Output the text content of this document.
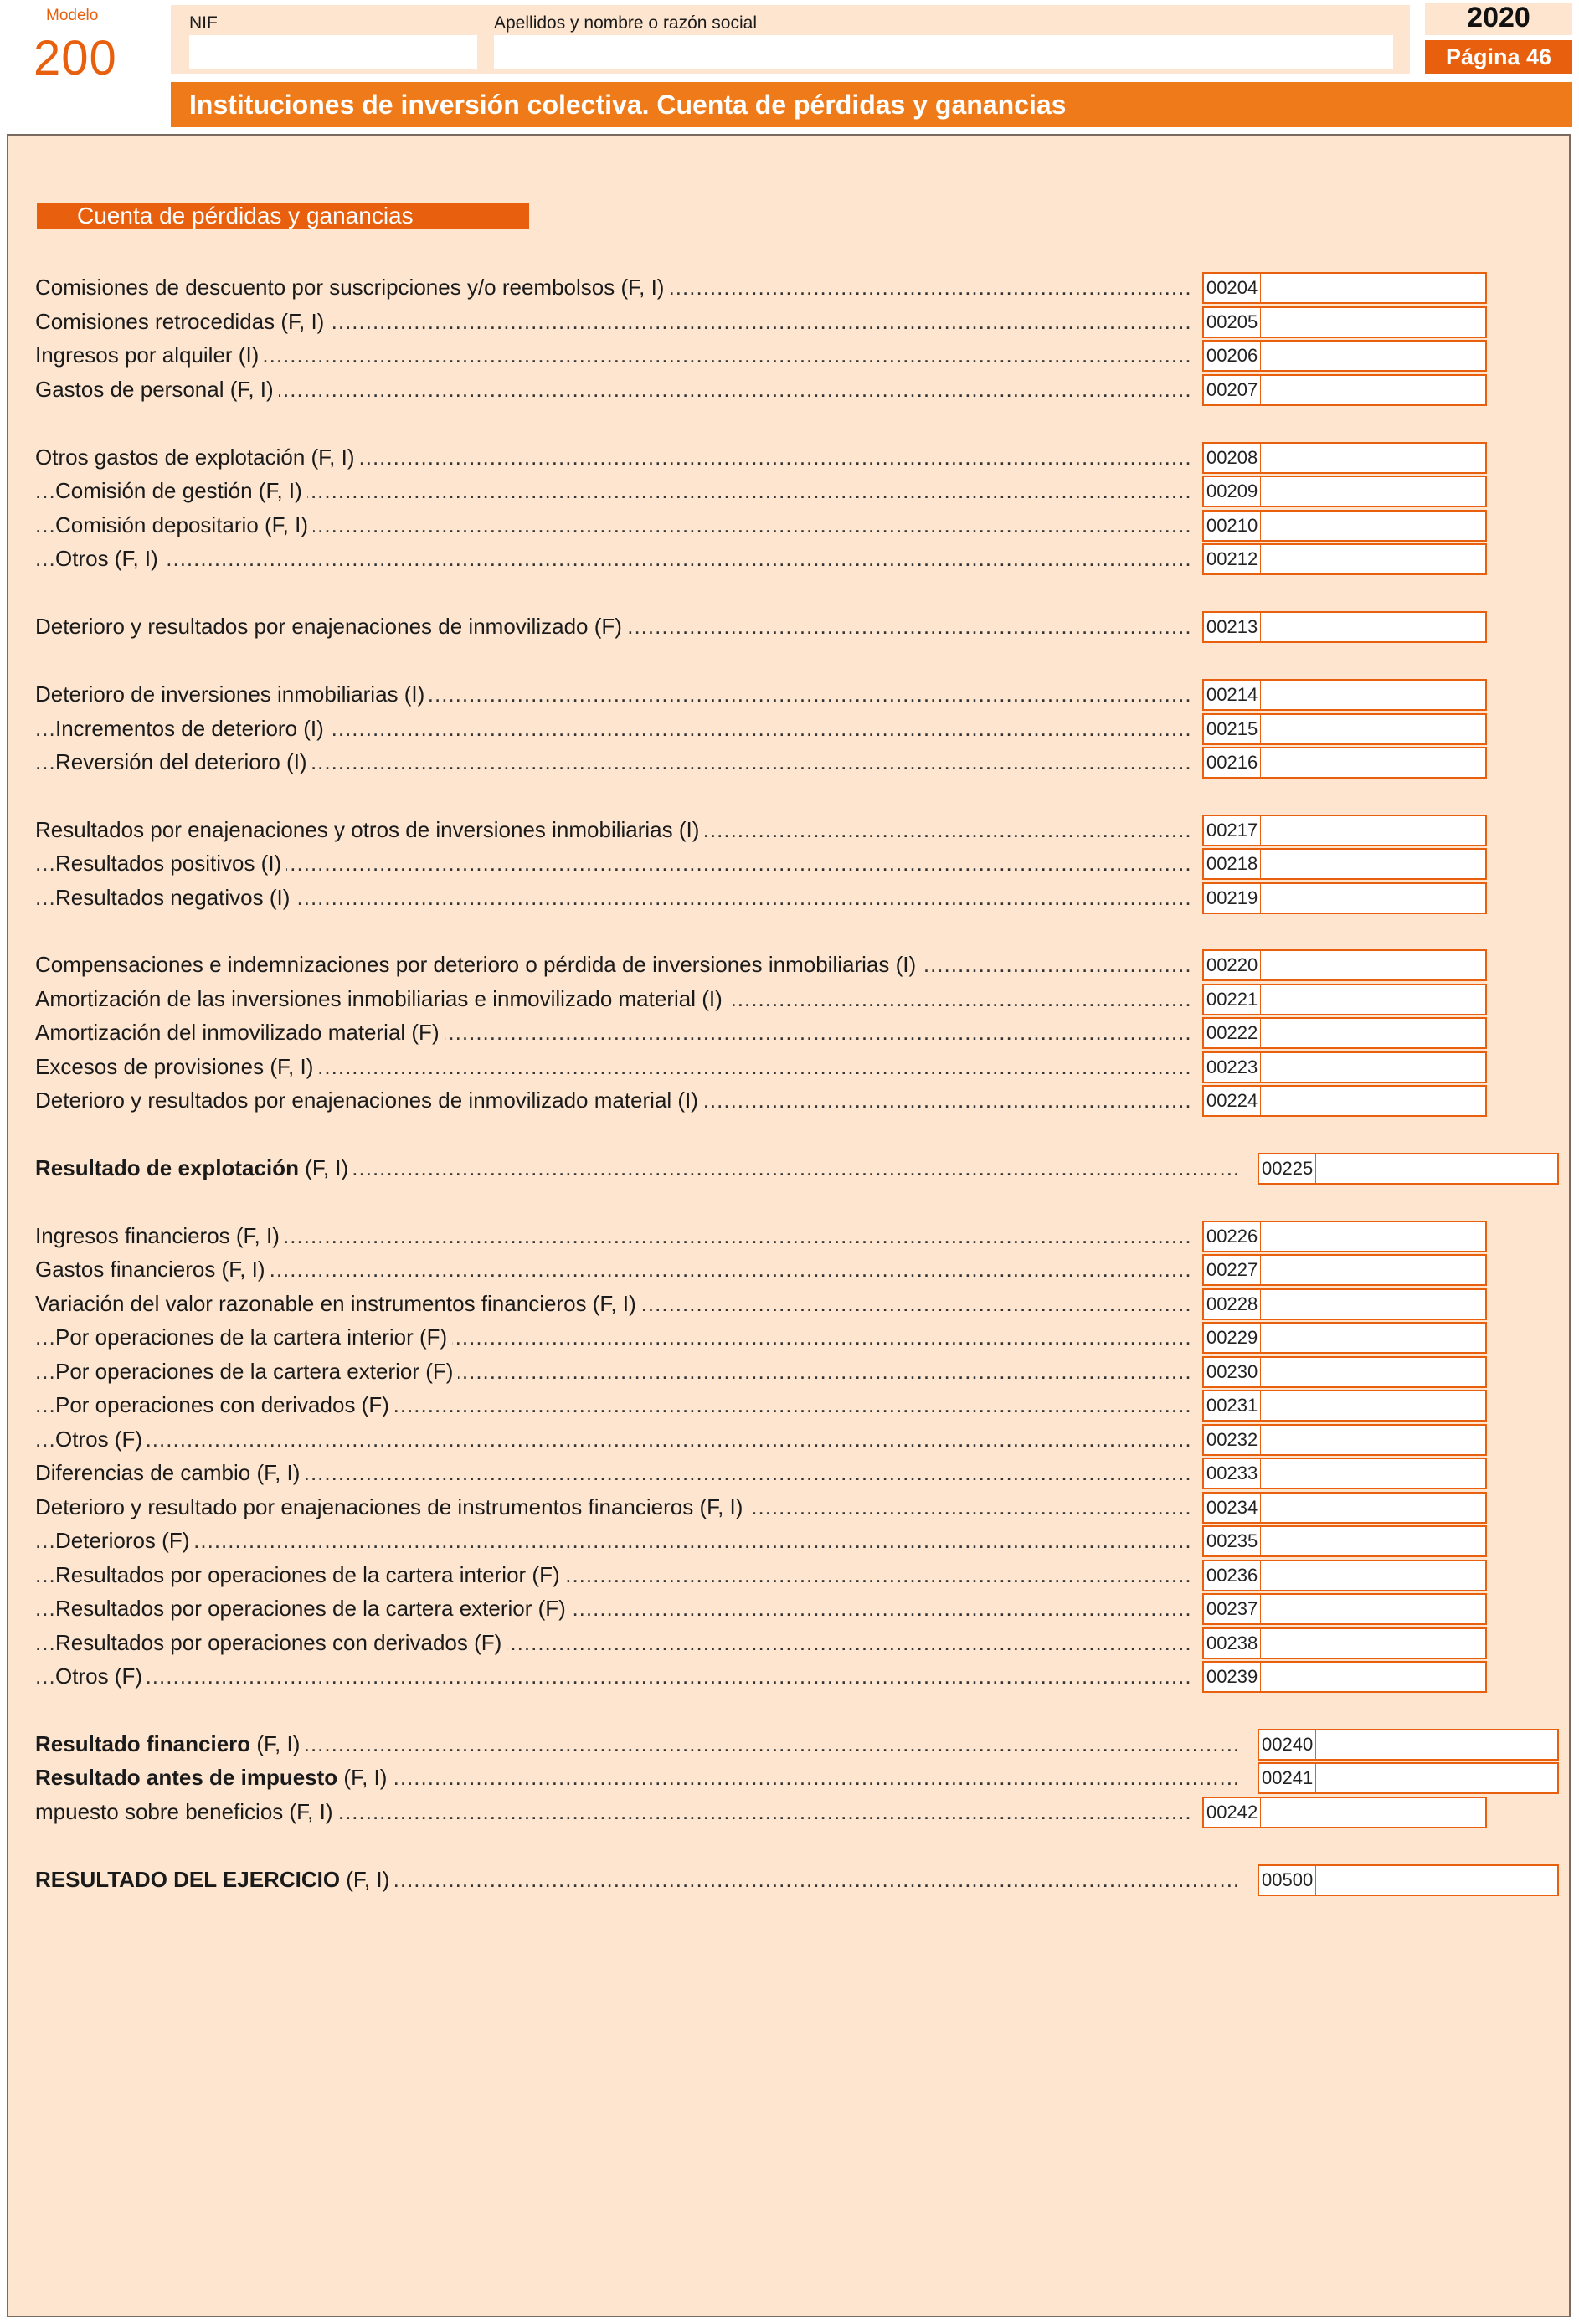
Modelo
200
NIF	Apellidos y nombre o razón social	2020
Página 46
Instituciones de inversión colectiva. Cuenta de pérdidas y ganancias
Cuenta de pérdidas y ganancias
Comisiones de descuento por suscripciones y/o reembolsos (F, I) .....	00204
Comisiones retrocedidas (F, I) .....	00205
Ingresos por alquiler (I) .....	00206
Gastos de personal (F, I) .....	00207
Otros gastos de explotación (F, I) .....	00208
Comisión de gestión (F, I) .....	00209
Comisión depositario (F, I) .....	00210
Otros (F, I) .....	00212
Deterioro y resultados por enajenaciones de inmovilizado (F) .....	00213
Deterioro de inversiones inmobiliarias (I) .....	00214
Incrementos de deterioro (I) .....	00215
Reversión del deterioro (I) .....	00216
Resultados por enajenaciones y otros de inversiones inmobiliarias (I) .....	00217
Resultados positivos (I) .....	00218
Resultados negativos (I) .....	00219
Compensaciones e indemnizaciones por deterioro o pérdida de inversiones inmobiliarias (I) .....	00220
Amortización de las inversiones inmobiliarias e inmovilizado material (I) .....	00221
Amortización del inmovilizado material (F) .....	00222
Excesos de provisiones (F, I) .....	00223
Deterioro y resultados por enajenaciones de inmovilizado material (I) .....	00224
Resultado de explotación (F, I) .....	00225
Ingresos financieros (F, I) .....	00226
Gastos financieros (F, I) .....	00227
Variación del valor razonable en instrumentos financieros (F, I) .....	00228
Por operaciones de la cartera interior (F) .....	00229
Por operaciones de la cartera exterior (F) .....	00230
Por operaciones con derivados (F) .....	00231
Otros (F) .....	00232
Diferencias de cambio (F, I) .....	00233
Deterioro y resultado por enajenaciones de instrumentos financieros (F, I) .....	00234
Deterioros (F) .....	00235
Resultados por operaciones de la cartera interior (F) .....	00236
Resultados por operaciones de la cartera exterior (F) .....	00237
Resultados por operaciones con derivados (F) .....	00238
Otros (F) .....	00239
Resultado financiero (F, I) .....	00240
Resultado antes de impuesto (F, I) .....	00241
mpuesto sobre beneficios (F, I) .....	00242
RESULTADO DEL EJERCICIO (F, I) .....	00500
